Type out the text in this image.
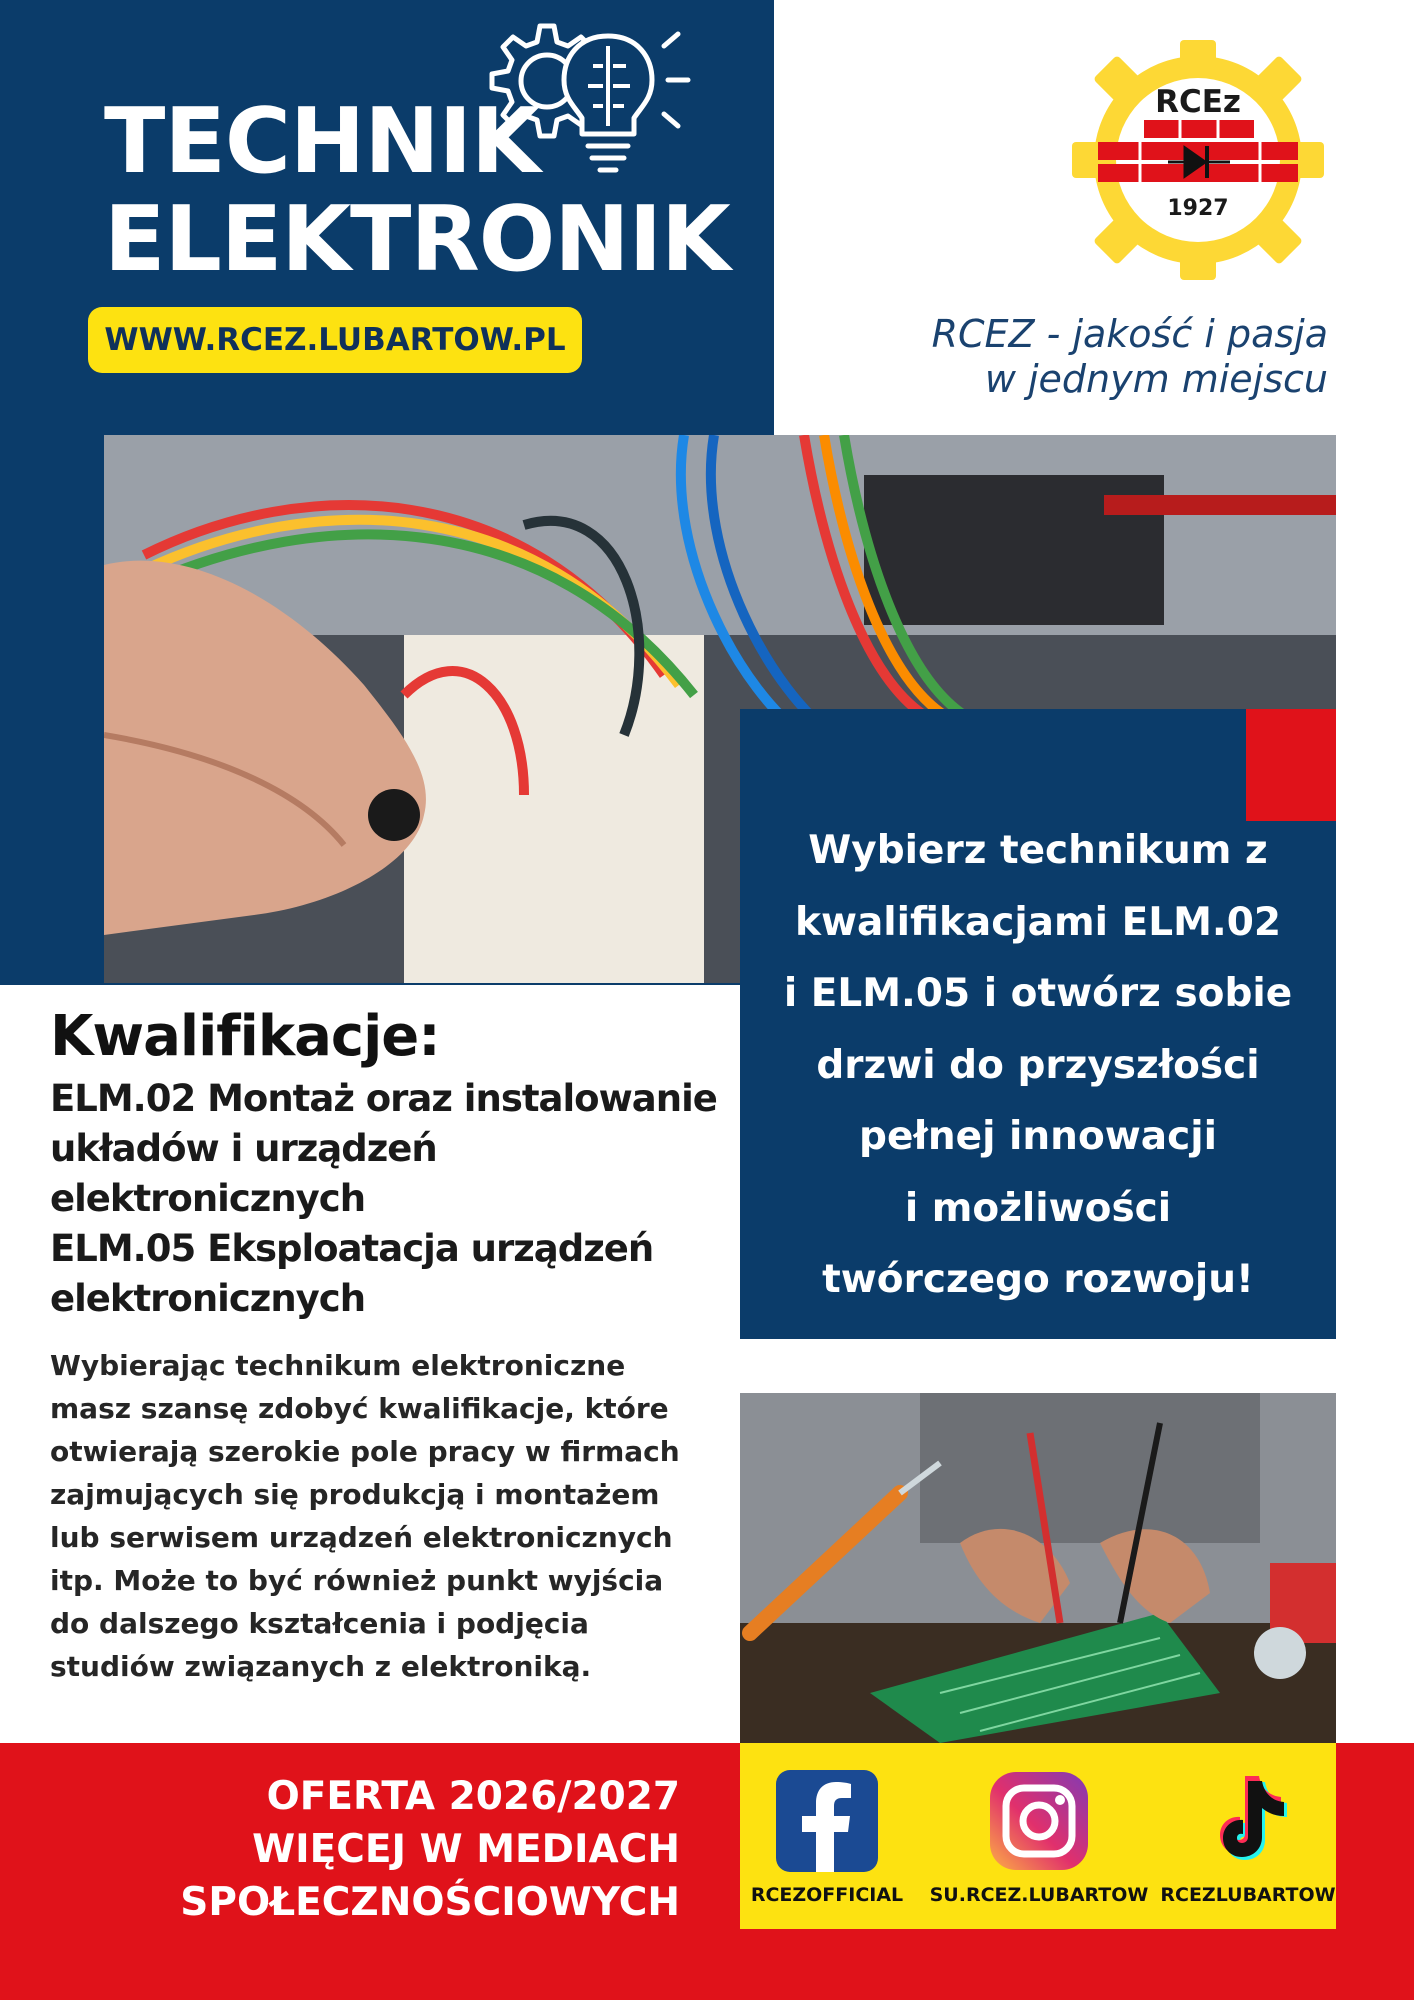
TECHNIK
ELEKTRONIK
WWW.RCEZ.LUBARTOW.PL
RCEz
1927
RCEZ - jakość i pasja
w jednym miejscu
Wybierz technikum z
kwalifikacjami ELM.02
i ELM.05 i otwórz sobie
drzwi do przyszłości
pełnej innowacji
i możliwości
twórczego rozwoju!
Kwalifikacje:
ELM.02 Montaż oraz instalowanie
układów i urządzeń
elektronicznych
ELM.05 Eksploatacja urządzeń
elektronicznych
Wybierając technikum elektroniczne
masz szansę zdobyć kwalifikacje, które
otwierają szerokie pole pracy w firmach
zajmujących się produkcją i montażem
lub serwisem urządzeń elektronicznych
itp. Może to być również punkt wyjścia
do dalszego kształcenia i podjęcia
studiów związanych z elektroniką.
OFERTA 2026/2027
WIĘCEJ W MEDIACH
SPOŁECZNOŚCIOWYCH	RCEZOFFICIAL	SU.RCEZ.LUBARTOW RCEZLUBARTOW
